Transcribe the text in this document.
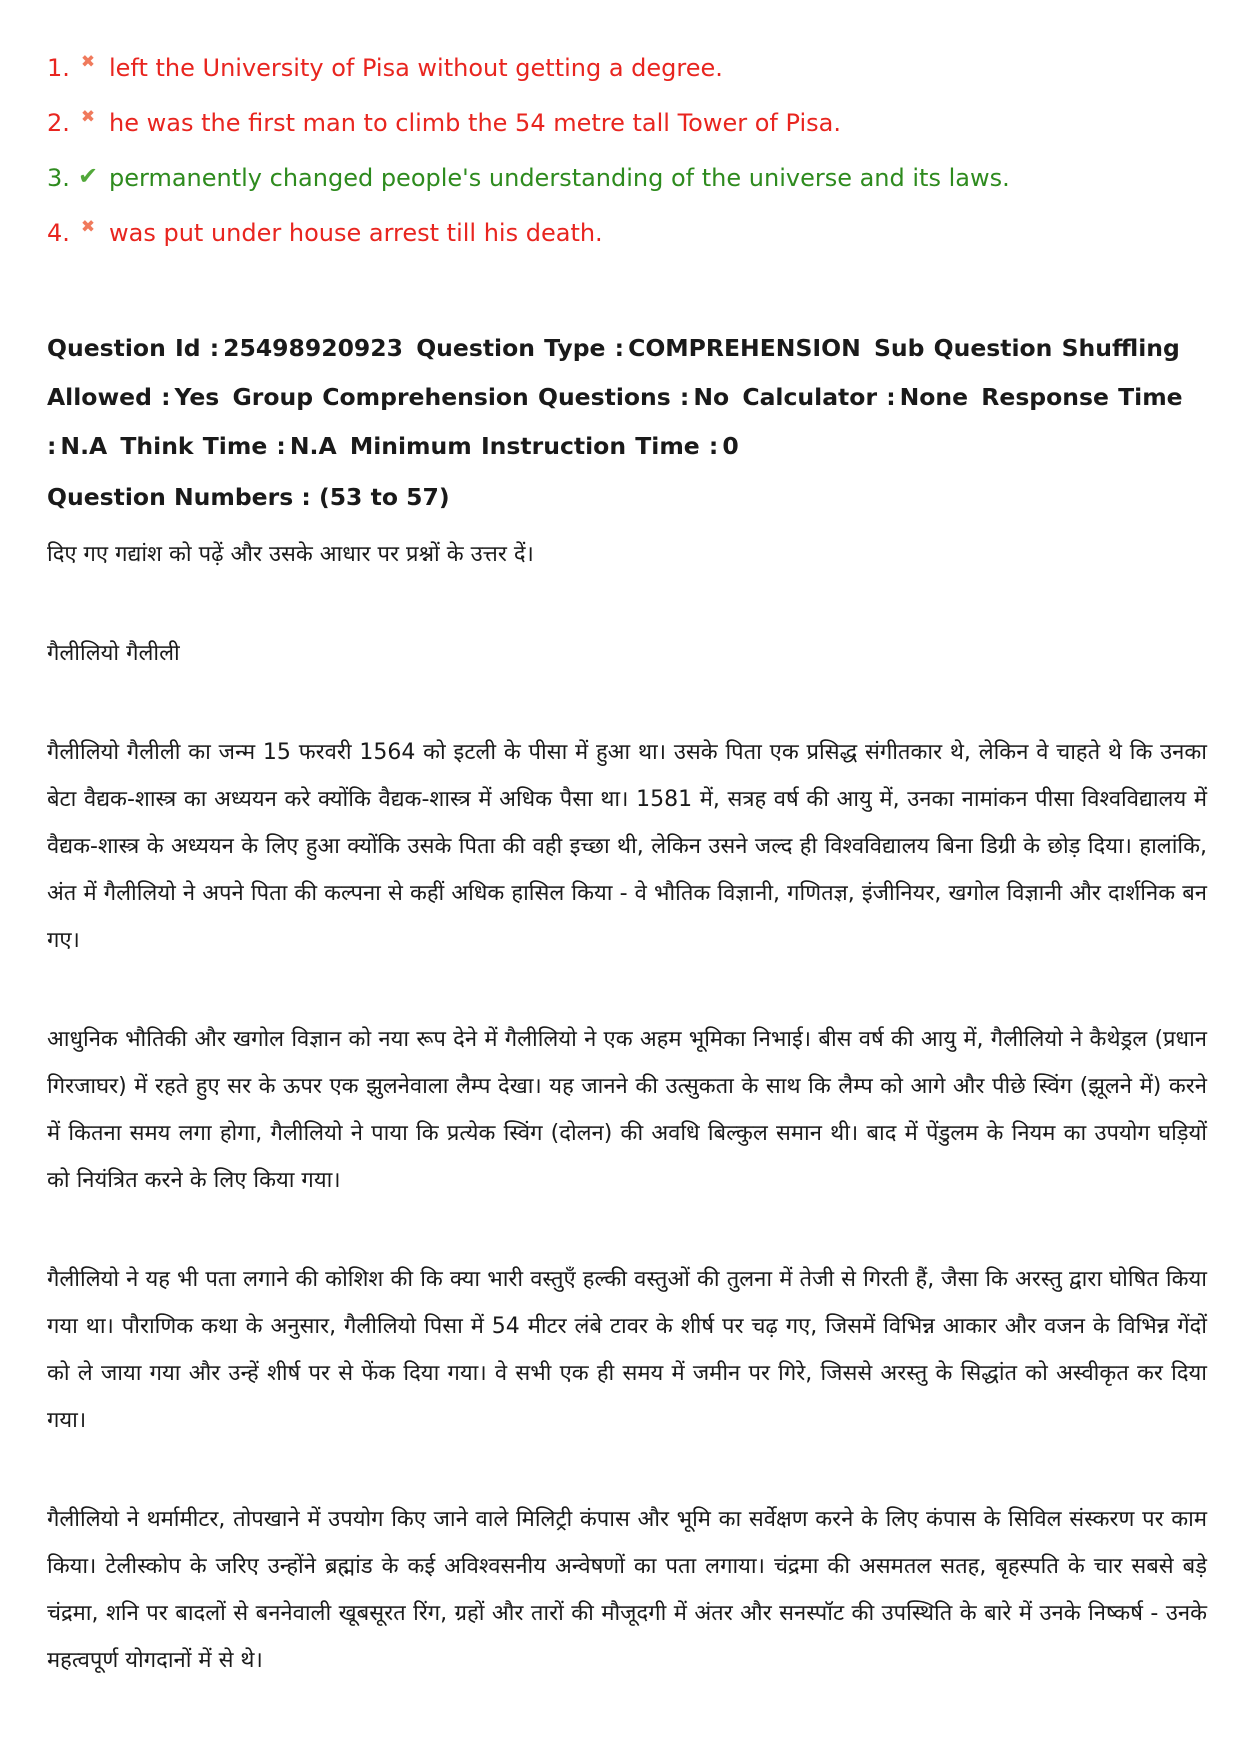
1. ✖ left the University of Pisa without getting a degree.
2. ✖ he was the first man to climb the 54 metre tall Tower of Pisa.
3. ✔ permanently changed people's understanding of the universe and its laws.
4. ✖ was put under house arrest till his death.
Question Id : 25498920923 Question Type : COMPREHENSION Sub Question Shuffling Allowed : Yes Group Comprehension Questions : No Calculator : None Response Time : N.A Think Time : N.A Minimum Instruction Time : 0
Question Numbers : (53 to 57)
दिए गए गद्यांश को पढ़ें और उसके आधार पर प्रश्नों के उत्तर दें।
गैलीलियो गैलीली
गैलीलियो गैलीली का जन्म 15 फरवरी 1564 को इटली के पीसा में हुआ था। उसके पिता एक प्रसिद्ध संगीतकार थे, लेकिन वे चाहते थे कि उनका बेटा वैद्यक-शास्त्र का अध्ययन करे क्योंकि वैद्यक-शास्त्र में अधिक पैसा था। 1581 में, सत्रह वर्ष की आयु में, उनका नामांकन पीसा विश्वविद्यालय में वैद्यक-शास्त्र के अध्ययन के लिए हुआ क्योंकि उसके पिता की वही इच्छा थी, लेकिन उसने जल्द ही विश्वविद्यालय बिना डिग्री के छोड़ दिया। हालांकि, अंत में गैलीलियो ने अपने पिता की कल्पना से कहीं अधिक हासिल किया - वे भौतिक विज्ञानी, गणितज्ञ, इंजीनियर, खगोल विज्ञानी और दार्शनिक बन गए।
आधुनिक भौतिकी और खगोल विज्ञान को नया रूप देने में गैलीलियो ने एक अहम भूमिका निभाई। बीस वर्ष की आयु में, गैलीलियो ने कैथेड्रल (प्रधान गिरजाघर) में रहते हुए सर के ऊपर एक झुलनेवाला लैम्प देखा। यह जानने की उत्सुकता के साथ कि लैम्प को आगे और पीछे स्विंग (झूलने में) करने में कितना समय लगा होगा, गैलीलियो ने पाया कि प्रत्येक स्विंग (दोलन) की अवधि बिल्कुल समान थी। बाद में पेंडुलम के नियम का उपयोग घड़ियों को नियंत्रित करने के लिए किया गया।
गैलीलियो ने यह भी पता लगाने की कोशिश की कि क्या भारी वस्तुएँ हल्की वस्तुओं की तुलना में तेजी से गिरती हैं, जैसा कि अरस्तु द्वारा घोषित किया गया था। पौराणिक कथा के अनुसार, गैलीलियो पिसा में 54 मीटर लंबे टावर के शीर्ष पर चढ़ गए, जिसमें विभिन्न आकार और वजन के विभिन्न गेंदों को ले जाया गया और उन्हें शीर्ष पर से फेंक दिया गया। वे सभी एक ही समय में जमीन पर गिरे, जिससे अरस्तु के सिद्धांत को अस्वीकृत कर दिया गया।
गैलीलियो ने थर्मामीटर, तोपखाने में उपयोग किए जाने वाले मिलिट्री कंपास और भूमि का सर्वेक्षण करने के लिए कंपास के सिविल संस्करण पर काम किया। टेलीस्कोप के जरिए उन्होंने ब्रह्मांड के कई अविश्वसनीय अन्वेषणों का पता लगाया। चंद्रमा की असमतल सतह, बृहस्पति के चार सबसे बड़े चंद्रमा, शनि पर बादलों से बननेवाली खूबसूरत रिंग, ग्रहों और तारों की मौजूदगी में अंतर और सनस्पॉट की उपस्थिति के बारे में उनके निष्कर्ष - उनके महत्वपूर्ण योगदानों में से थे।
